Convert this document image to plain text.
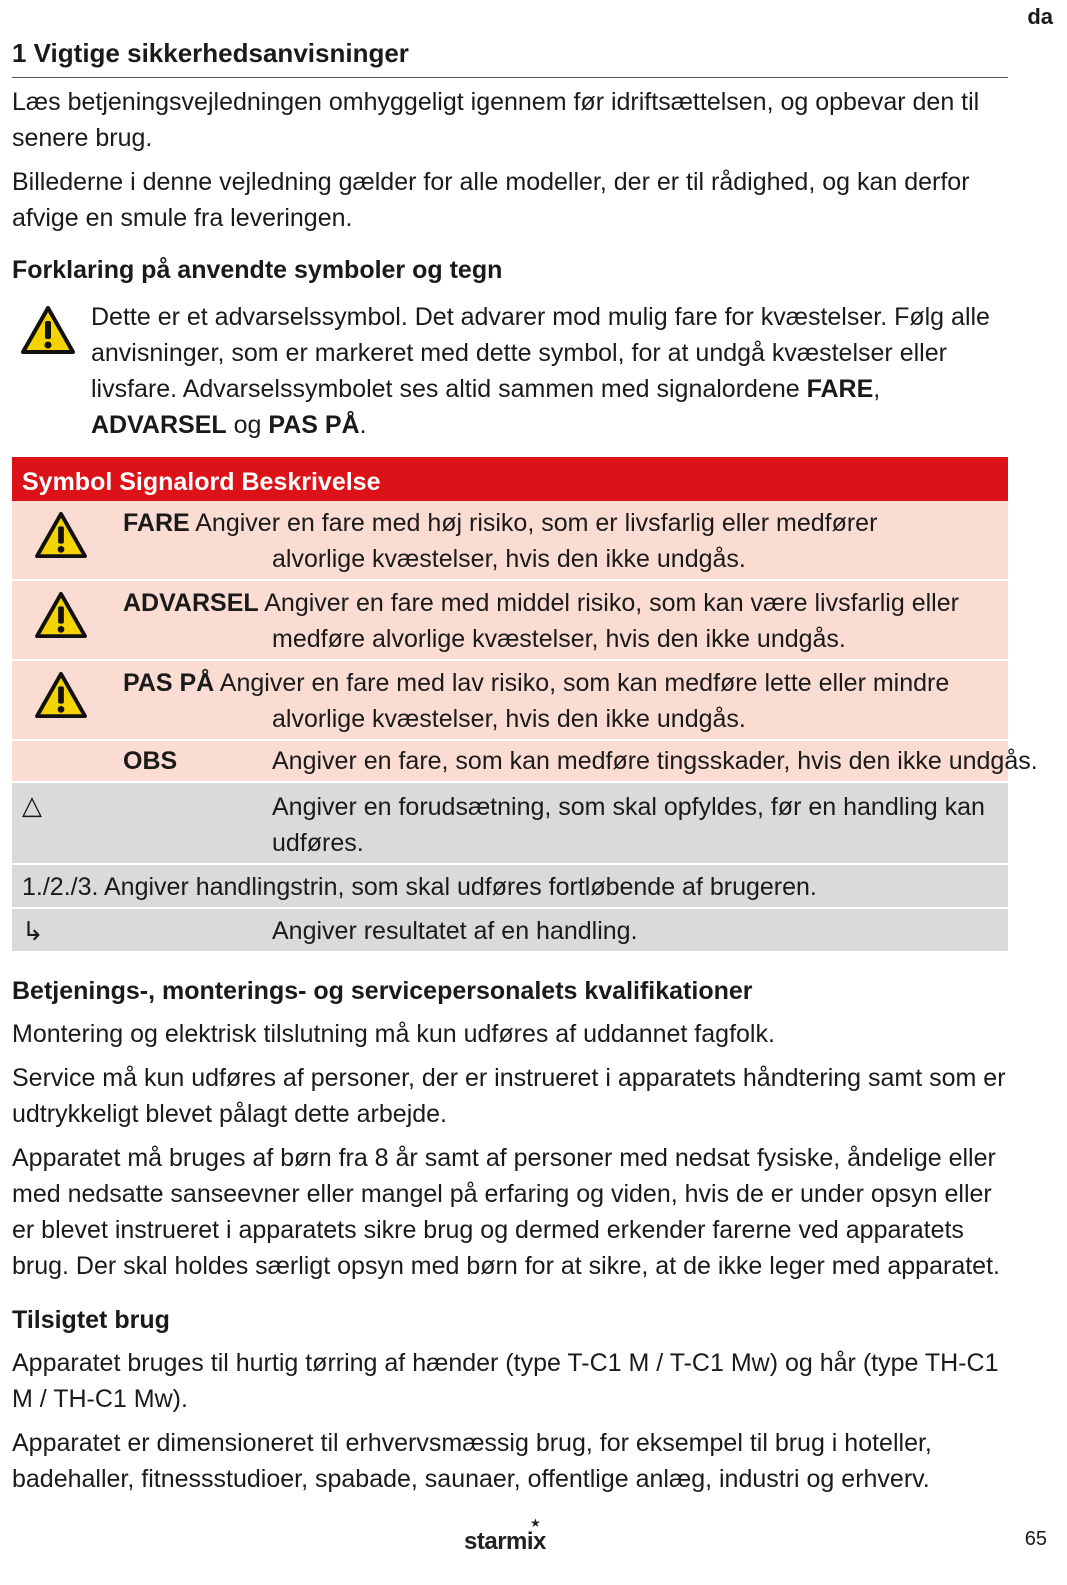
da
1 Vigtige sikkerhedsanvisninger

Læs betjeningsvejledningen omhyggeligt igennem før idriftsættelsen, og opbevar den til senere brug.

Billederne i denne vejledning gælder for alle modeller, der er til rådighed, og kan derfor afvige en smule fra leveringen.

Forklaring på anvendte symboler og tegn

Dette er et advarselssymbol. Det advarer mod mulig fare for kvæstelser. Følg alle anvisninger, som er markeret med dette symbol, for at undgå kvæstelser eller livsfare. Advarselssymbolet ses altid sammen med signalordene FARE, ADVARSEL og PAS PÅ.

Symbol Signalord Beskrivelse
FARE Angiver en fare med høj risiko, som er livsfarlig eller medfører
alvorlige kvæstelser, hvis den ikke undgås.
ADVARSEL Angiver en fare med middel risiko, som kan være livsfarlig eller
medføre alvorlige kvæstelser, hvis den ikke undgås.
PAS PÅ Angiver en fare med lav risiko, som kan medføre lette eller mindre
alvorlige kvæstelser, hvis den ikke undgås.
OBS	Angiver en fare, som kan medføre tingsskader, hvis den ikke undgås.
△	Angiver en forudsætning, som skal opfyldes, før en handling kan udføres.
1./2./3. Angiver handlingstrin, som skal udføres fortløbende af brugeren.
↳	Angiver resultatet af en handling.
Betjenings-, monterings- og servicepersonalets kvalifikationer

Montering og elektrisk tilslutning må kun udføres af uddannet fagfolk.

Service må kun udføres af personer, der er instrueret i apparatets håndtering samt som er udtrykkeligt blevet pålagt dette arbejde.

Apparatet må bruges af børn fra 8 år samt af personer med nedsat fysiske, åndelige eller med nedsatte sanseevner eller mangel på erfaring og viden, hvis de er under opsyn eller er blevet instrueret i apparatets sikre brug og dermed erkender farerne ved apparatets brug. Der skal holdes særligt opsyn med børn for at sikre, at de ikke leger med apparatet.

Tilsigtet brug

Apparatet bruges til hurtig tørring af hænder (type T-C1 M / T-C1 Mw) og hår (type TH-C1 M / TH-C1 Mw).

Apparatet er dimensioneret til erhvervsmæssig brug, for eksempel til brug i hoteller, badehaller, fitnessstudioer, spabade, saunaer, offentlige anlæg, industri og erhverv.

starmix
★
65
